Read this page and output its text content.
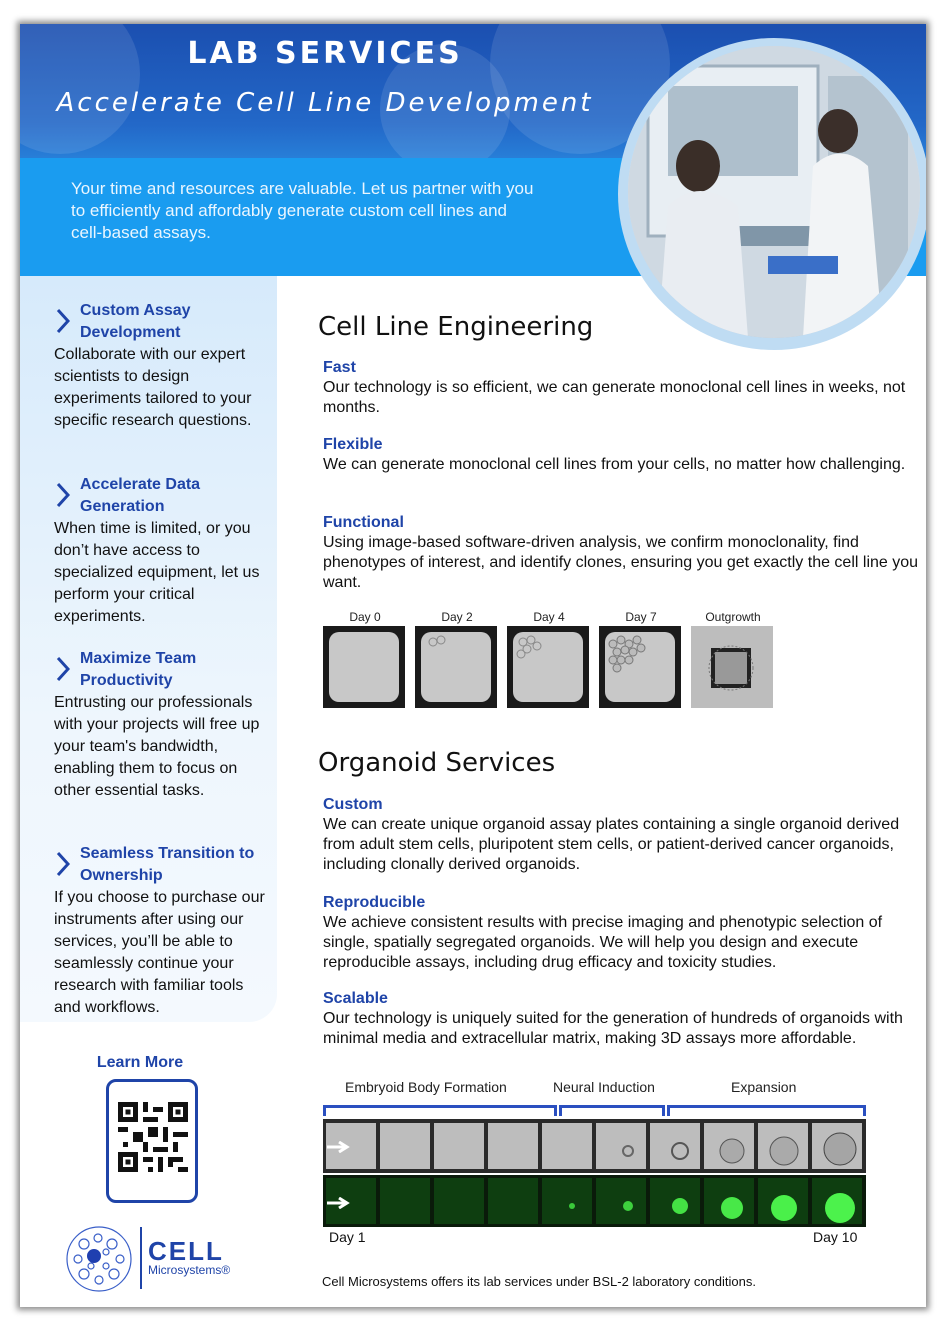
LAB SERVICES
Accelerate Cell Line Development
Your time and resources are valuable. Let us partner with you to efficiently and affordably generate custom cell lines and cell-based assays.
Custom Assay Development
Collaborate with our expert scientists to design experiments tailored to your specific research questions.
Accelerate Data Generation
When time is limited, or you don’t have access to specialized equipment, let us perform your critical experiments.
Maximize Team Productivity
Entrusting our professionals with your projects will free up your team's bandwidth, enabling them to focus on other essential tasks.
Seamless Transition to Ownership
If you choose to purchase our instruments after using our services, you’ll be able to seamlessly continue your research with familiar tools and workflows.
Learn More
CELL
Microsystems®
Cell Line Engineering
Fast
Our technology is so efficient, we can generate monoclonal cell lines in weeks, not months.
Flexible
We can generate monoclonal cell lines from your cells, no matter how challenging.
Functional
Using image-based software-driven analysis, we confirm monoclonality, find phenotypes of interest, and identify clones, ensuring you get exactly the cell line you want.
Day 0	Day 2	Day 4	Day 7	Outgrowth
Organoid Services
Custom
We can create unique organoid assay plates containing a single organoid derived from adult stem cells, pluripotent stem cells, or patient-derived cancer organoids, including clonally derived organoids.
Reproducible
We achieve consistent results with precise imaging and phenotypic selection of single, spatially segregated organoids. We will help you design and execute reproducible assays, including drug efficacy and toxicity studies.
Scalable
Our technology is uniquely suited for the generation of hundreds of organoids with minimal media and extracellular matrix, making 3D assays more affordable.
Embryoid Body Formation	Neural Induction	Expansion
Day 1	Day 10
Cell Microsystems offers its lab services under BSL-2 laboratory conditions.
